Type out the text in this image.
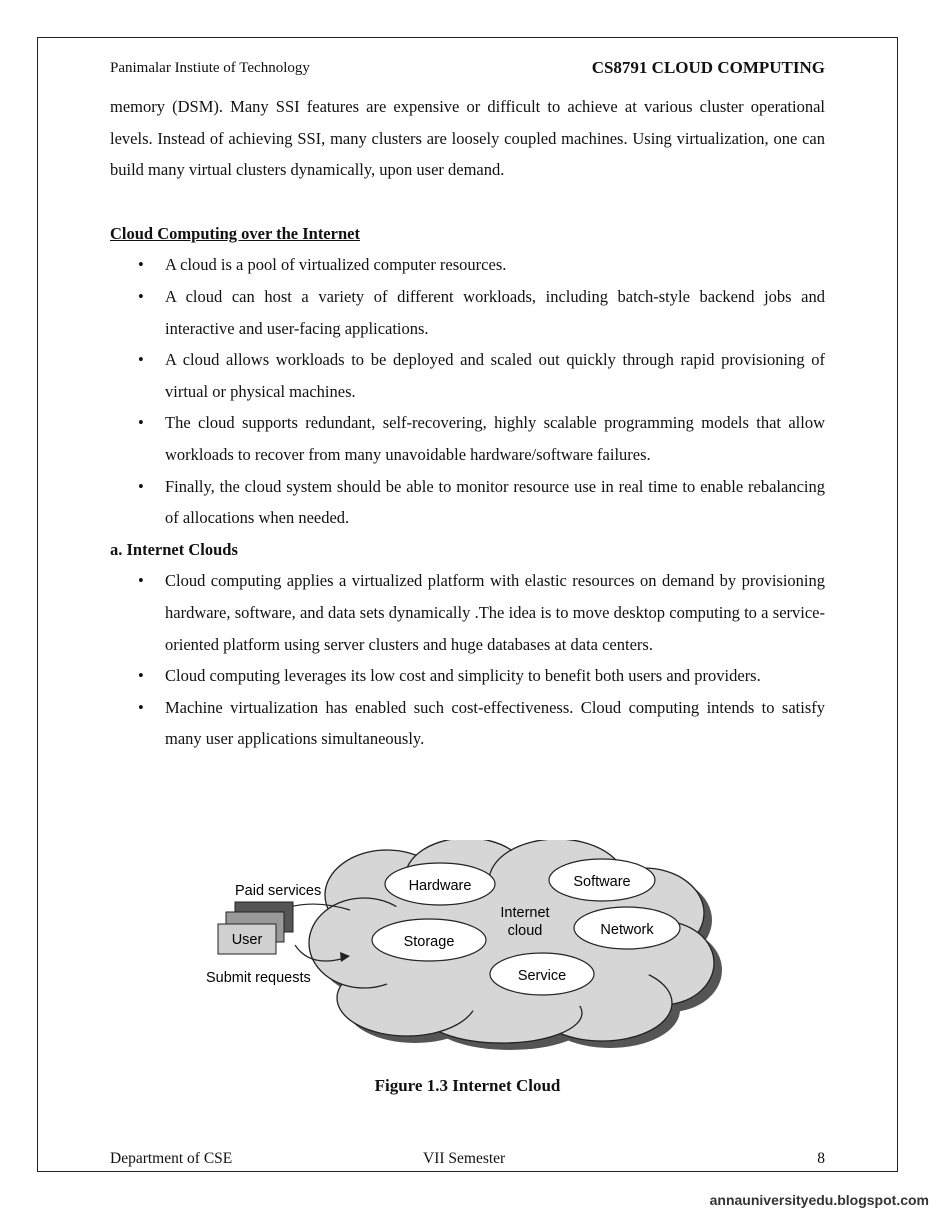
Panimalar Instiute of Technology	CS8791 CLOUD COMPUTING

memory (DSM). Many SSI features are expensive or difficult to achieve at various cluster operational levels. Instead of achieving SSI, many clusters are loosely coupled machines. Using virtualization, one can build many virtual clusters dynamically, upon user demand.

Cloud Computing over the Internet

• A cloud is a pool of virtualized computer resources.
• A cloud can host a variety of different workloads, including batch-style backend jobs and interactive and user-facing applications.
• A cloud allows workloads to be deployed and scaled out quickly through rapid provisioning of virtual or physical machines.
• The cloud supports redundant, self-recovering, highly scalable programming models that allow workloads to recover from many unavoidable hardware/software failures.
• Finally, the cloud system should be able to monitor resource use in real time to enable rebalancing of allocations when needed.

a. Internet Clouds

• Cloud computing applies a virtualized platform with elastic resources on demand by provisioning hardware, software, and data sets dynamically .The idea is to move desktop computing to a service-oriented platform using server clusters and huge databases at data centers.
• Cloud computing leverages its low cost and simplicity to benefit both users and providers.
• Machine virtualization has enabled such cost-effectiveness. Cloud computing intends to satisfy many user applications simultaneously.
Hardware	Software
Storage
Network
Service
Internet
cloud
User
Paid services
Submit requests
Figure 1.3 Internet Cloud
Department of CSE	VII Semester	8
annauniversityedu.blogspot.com
